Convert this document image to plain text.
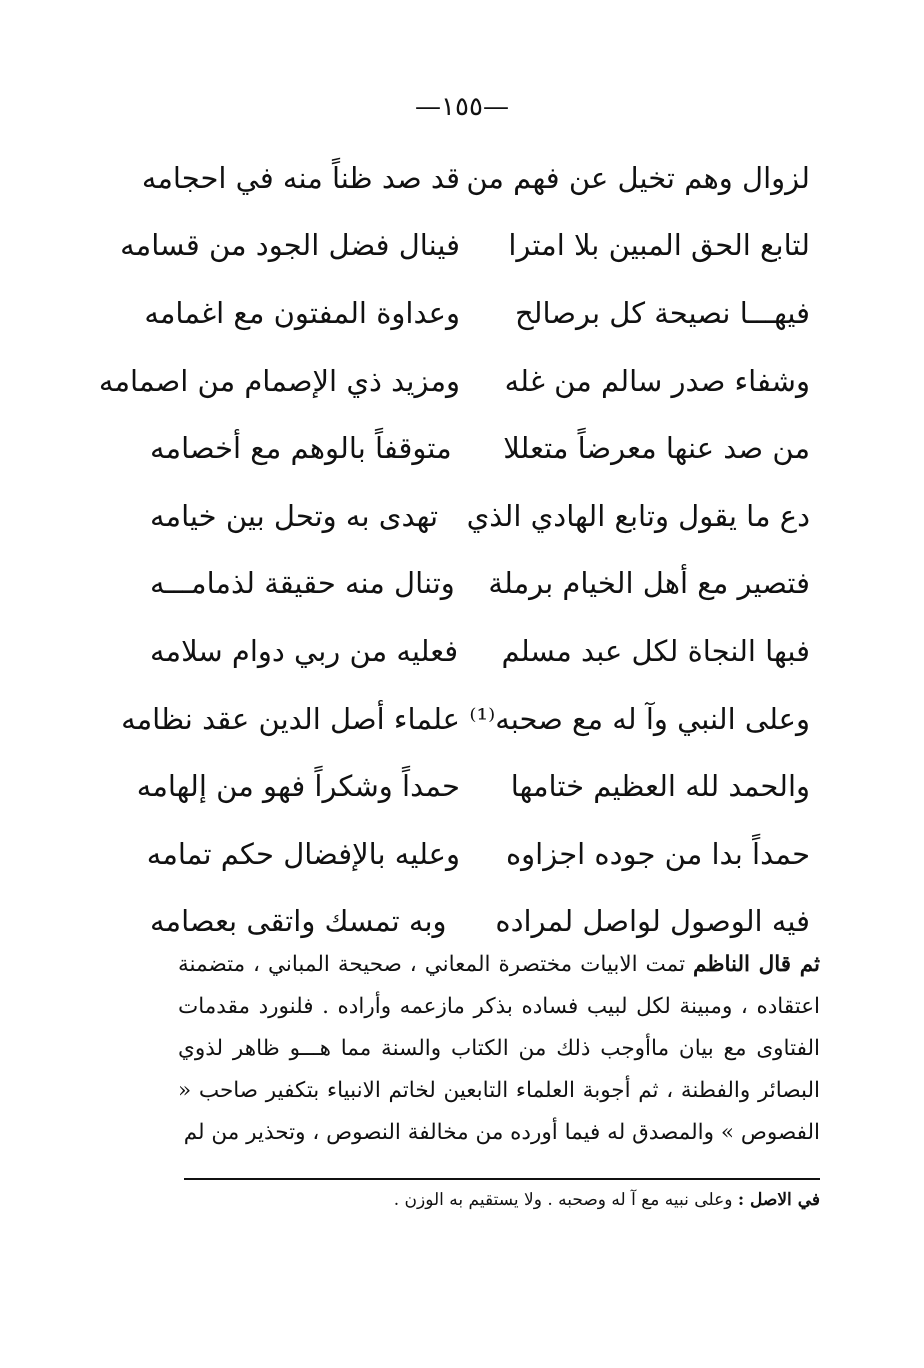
—١٥٥—
لزوال وهم تخيل عن فهم من
قد صد ظناً منه في احجامه
لتابع الحق المبين بلا امترا
فينال فضل الجود من قسامه
فيهـــا نصيحة كل برصالح
وعداوة المفتون مع اغمامه
وشفاء صدر سالم من غله
ومزيد ذي الإصمام من اصمامه
من صد عنها معرضاً متعللا
متوقفاً بالوهم مع أخصامه
دع ما يقول وتابع الهادي الذي
تهدى به وتحل بين خيامه
فتصير مع أهل الخيام برملة
وتنال منه حقيقة لذمامـــه
فبها النجاة لكل عبد مسلم
فعليه من ربي دوام سلامه
وعلى النبي وآ له مع صحبه⁽¹⁾
علماء أصل الدين عقد نظامه
والحمد لله العظيم ختامها
حمداً وشكراً فهو من إلهامه
حمداً بدا من جوده اجزاوه
وعليه بالإفضال حكم تمامه
فيه الوصول لواصل لمراده
وبه تمسك واتقى بعصامه
ثم قال الناظم تمت الابيات مختصرة المعاني ، صحيحة المباني ، متضمنة اعتقاده ، ومبينة لكل لبيب فساده بذكر مازعمه وأراده . فلنورد مقدمات الفتاوى مع بيان ماأوجب ذلك من الكتاب والسنة مما هـــو ظاهر لذوي البصائر والفطنة ، ثم أجوبة العلماء التابعين لخاتم الانبياء بتكفير صاحب « الفصوص » والمصدق له فيما أورده من مخالفة النصوص ، وتحذير من لم
في الاصل : وعلى نبيه مع آ له وصحبه . ولا يستقيم به الوزن .
